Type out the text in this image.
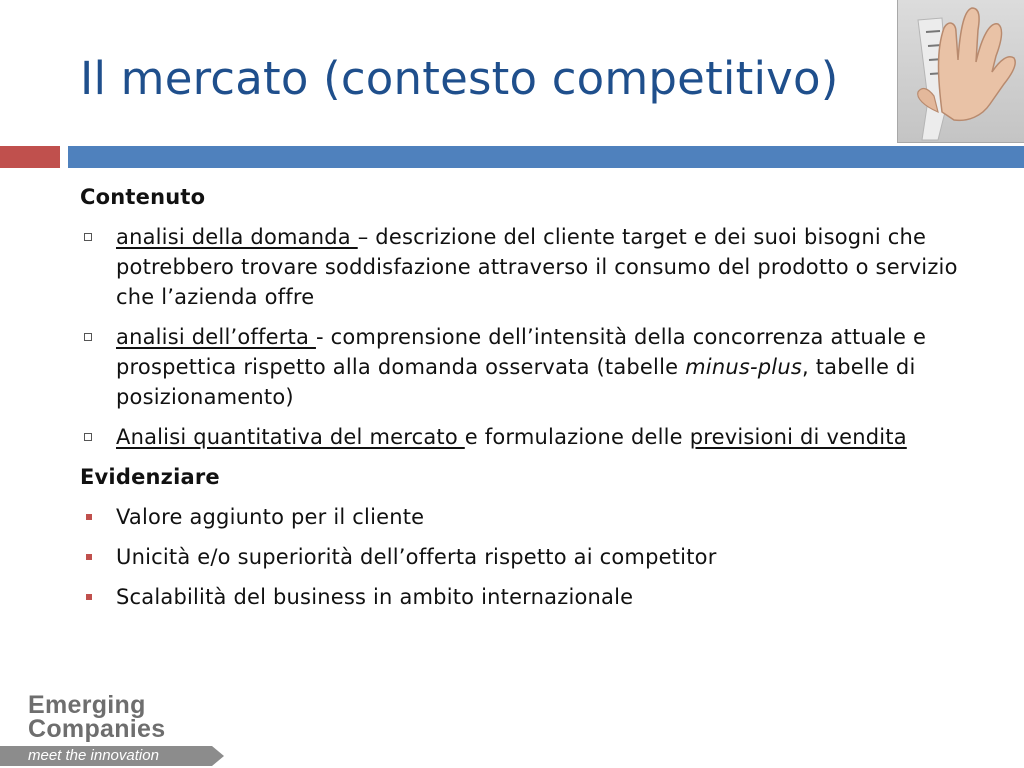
Il mercato (contesto competitivo)
Contenuto
analisi della domanda – descrizione del cliente target e dei suoi bisogni che potrebbero trovare soddisfazione attraverso il consumo del prodotto o servizio che l’azienda offre
analisi dell’offerta - comprensione dell’intensità della concorrenza attuale e prospettica rispetto alla domanda osservata (tabelle minus-plus, tabelle di posizionamento)
Analisi quantitativa del mercato e formulazione delle previsioni di vendita
Evidenziare
Valore aggiunto per il cliente
Unicità e/o superiorità dell’offerta rispetto ai competitor
Scalabilità del business in ambito internazionale
Emerging
Companies
meet the innovation
